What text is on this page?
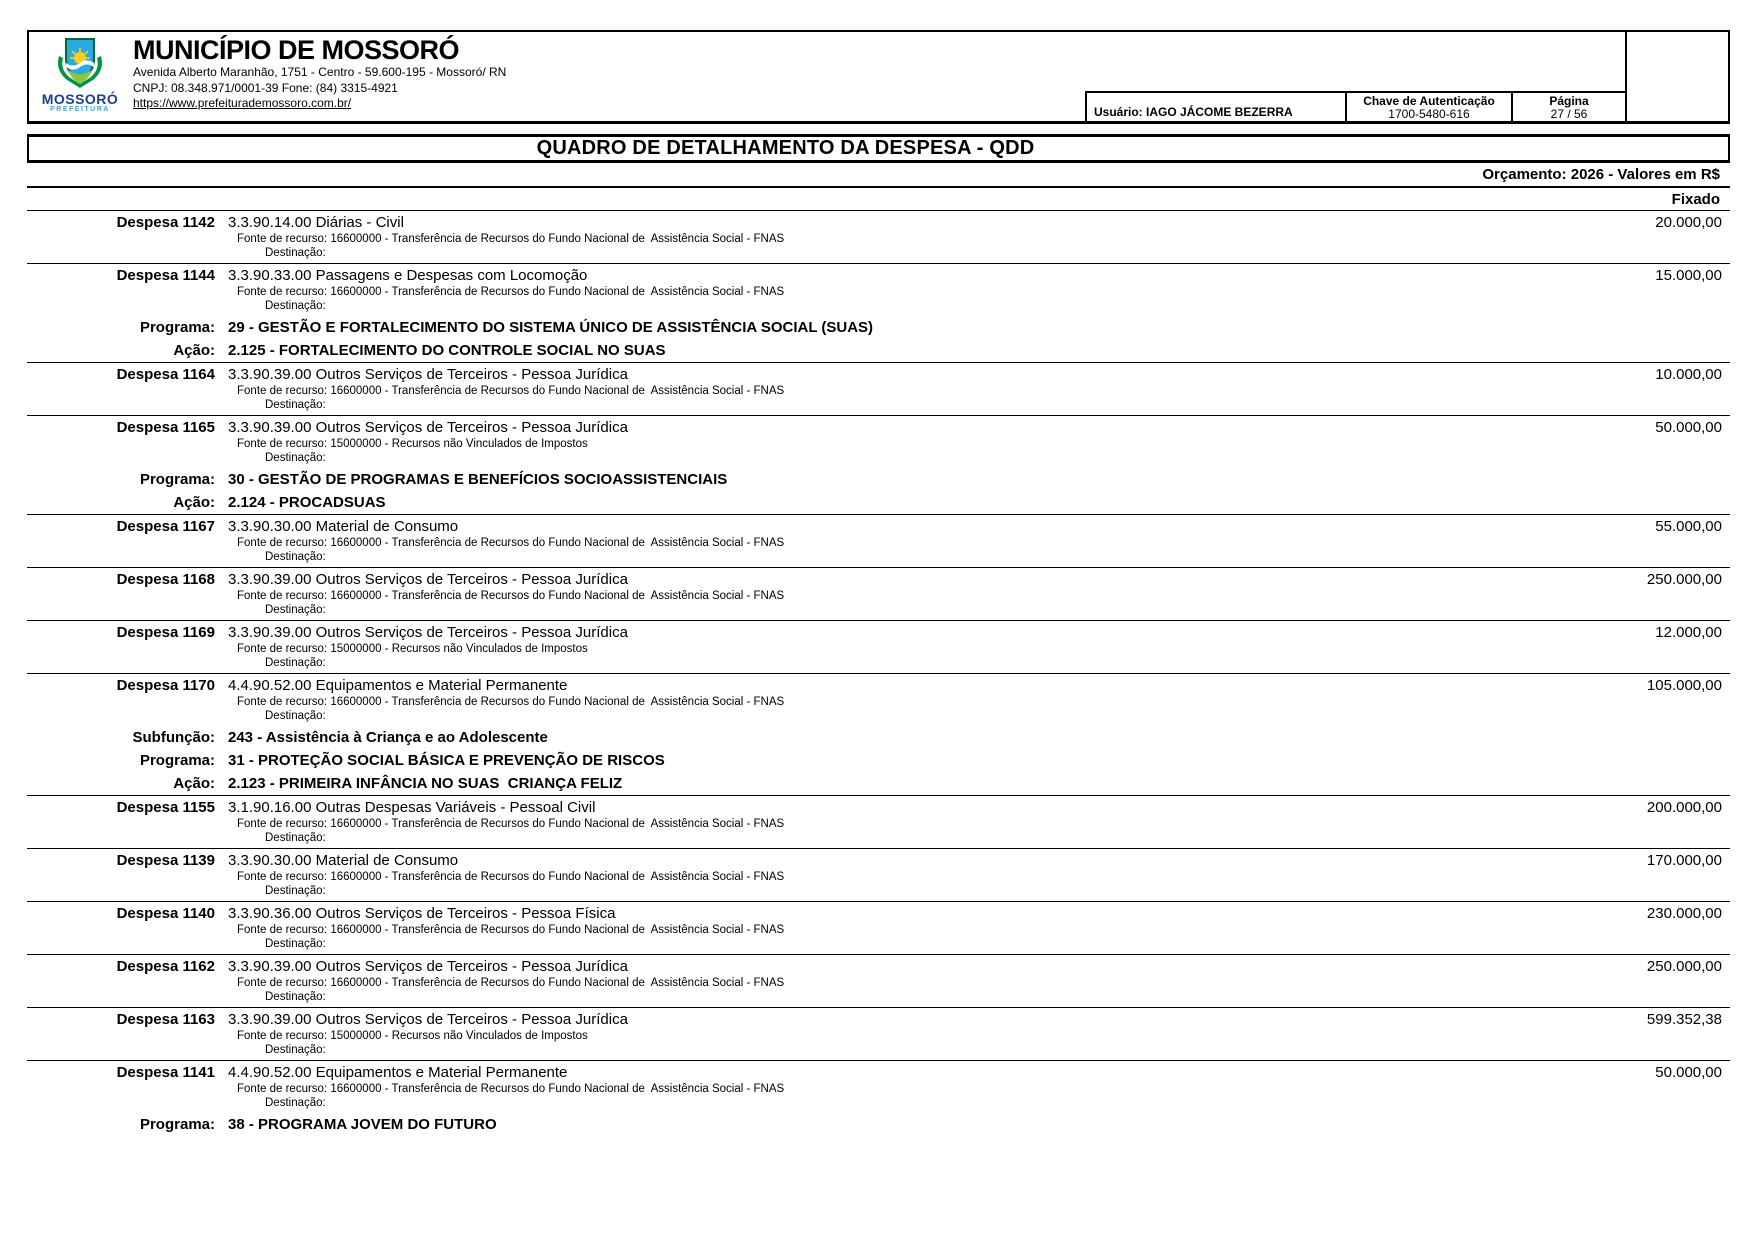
MOSSORÓ
PREFEITURA
MUNICÍPIO DE MOSSORÓ
Avenida Alberto Maranhão, 1751 - Centro - 59.600-195 - Mossoró/ RN
CNPJ: 08.348.971/0001-39 Fone: (84) 3315-4921
https://www.prefeiturademossoro.com.br/
Usuário: IAGO JÁCOME BEZERRA
Chave de Autenticação
1700-5480-616
Página
27 / 56
QUADRO DE DETALHAMENTO DA DESPESA - QDD
Orçamento: 2026 - Valores em R$
Fixado
Despesa 1142 3.3.90.14.00 Diárias - Civil	20.000,00
Fonte de recurso: 16600000 - Transferência de Recursos do Fundo Nacional de  Assistência Social - FNAS
Destinação:
Despesa 1144 3.3.90.33.00 Passagens e Despesas com Locomoção	15.000,00
Fonte de recurso: 16600000 - Transferência de Recursos do Fundo Nacional de  Assistência Social - FNAS
Destinação:
Programa: 29 - GESTÃO E FORTALECIMENTO DO SISTEMA ÚNICO DE ASSISTÊNCIA SOCIAL (SUAS)
Ação: 2.125 - FORTALECIMENTO DO CONTROLE SOCIAL NO SUAS
Despesa 1164 3.3.90.39.00 Outros Serviços de Terceiros - Pessoa Jurídica	10.000,00
Fonte de recurso: 16600000 - Transferência de Recursos do Fundo Nacional de  Assistência Social - FNAS
Destinação:
Despesa 1165 3.3.90.39.00 Outros Serviços de Terceiros - Pessoa Jurídica	50.000,00
Fonte de recurso: 15000000 - Recursos não Vinculados de Impostos
Destinação:
Programa: 30 - GESTÃO DE PROGRAMAS E BENEFÍCIOS SOCIOASSISTENCIAIS
Ação: 2.124 - PROCADSUAS
Despesa 1167 3.3.90.30.00 Material de Consumo	55.000,00
Fonte de recurso: 16600000 - Transferência de Recursos do Fundo Nacional de  Assistência Social - FNAS
Destinação:
Despesa 1168 3.3.90.39.00 Outros Serviços de Terceiros - Pessoa Jurídica	250.000,00
Fonte de recurso: 16600000 - Transferência de Recursos do Fundo Nacional de  Assistência Social - FNAS
Destinação:
Despesa 1169 3.3.90.39.00 Outros Serviços de Terceiros - Pessoa Jurídica	12.000,00
Fonte de recurso: 15000000 - Recursos não Vinculados de Impostos
Destinação:
Despesa 1170 4.4.90.52.00 Equipamentos e Material Permanente	105.000,00
Fonte de recurso: 16600000 - Transferência de Recursos do Fundo Nacional de  Assistência Social - FNAS
Destinação:
Subfunção: 243 - Assistência à Criança e ao Adolescente
Programa: 31 - PROTEÇÃO SOCIAL BÁSICA E PREVENÇÃO DE RISCOS
Ação: 2.123 - PRIMEIRA INFÂNCIA NO SUAS  CRIANÇA FELIZ
Despesa 1155 3.1.90.16.00 Outras Despesas Variáveis - Pessoal Civil	200.000,00
Fonte de recurso: 16600000 - Transferência de Recursos do Fundo Nacional de  Assistência Social - FNAS
Destinação:
Despesa 1139 3.3.90.30.00 Material de Consumo	170.000,00
Fonte de recurso: 16600000 - Transferência de Recursos do Fundo Nacional de  Assistência Social - FNAS
Destinação:
Despesa 1140 3.3.90.36.00 Outros Serviços de Terceiros - Pessoa Física	230.000,00
Fonte de recurso: 16600000 - Transferência de Recursos do Fundo Nacional de  Assistência Social - FNAS
Destinação:
Despesa 1162 3.3.90.39.00 Outros Serviços de Terceiros - Pessoa Jurídica	250.000,00
Fonte de recurso: 16600000 - Transferência de Recursos do Fundo Nacional de  Assistência Social - FNAS
Destinação:
Despesa 1163 3.3.90.39.00 Outros Serviços de Terceiros - Pessoa Jurídica	599.352,38
Fonte de recurso: 15000000 - Recursos não Vinculados de Impostos
Destinação:
Despesa 1141 4.4.90.52.00 Equipamentos e Material Permanente	50.000,00
Fonte de recurso: 16600000 - Transferência de Recursos do Fundo Nacional de  Assistência Social - FNAS
Destinação:
Programa: 38 - PROGRAMA JOVEM DO FUTURO
